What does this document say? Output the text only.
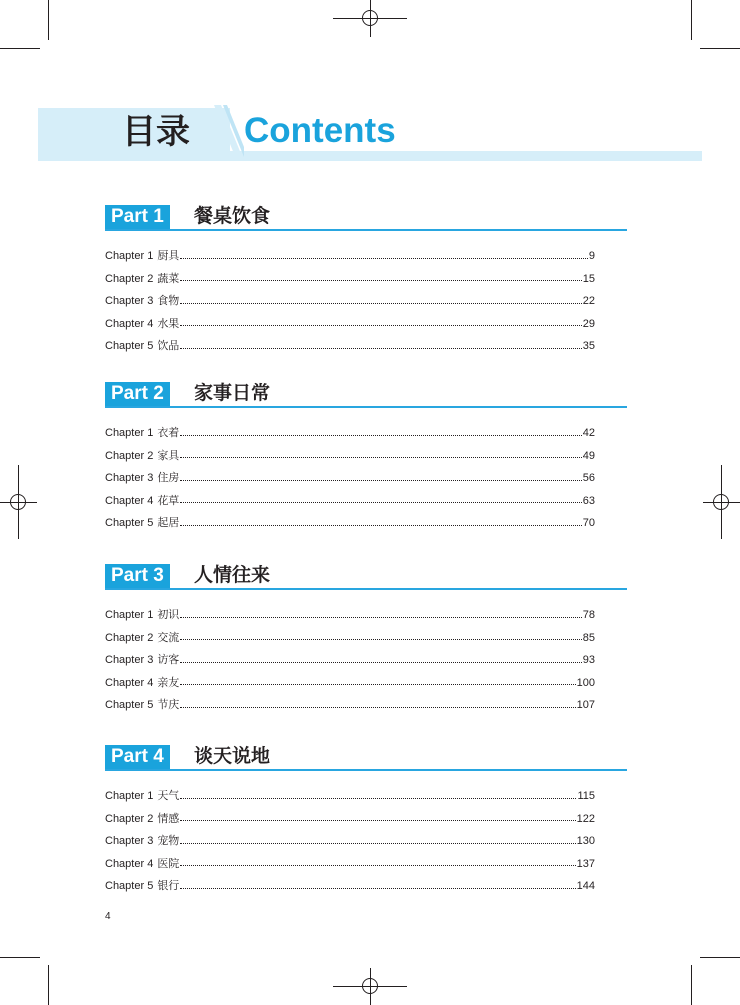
目录 Contents
Part 1	餐桌饮食
Chapter 1 厨具	9
Chapter 2 蔬菜	15
Chapter 3 食物	22
Chapter 4 水果	29
Chapter 5 饮品	35
Part 2	家事日常
Chapter 1 衣着	42
Chapter 2 家具	49
Chapter 3 住房	56
Chapter 4 花草	63
Chapter 5 起居	70
Part 3	人情往来
Chapter 1 初识	78
Chapter 2 交流	85
Chapter 3 访客	93
Chapter 4 亲友	100
Chapter 5 节庆	107
Part 4	谈天说地
Chapter 1 天气	115
Chapter 2 情感	122
Chapter 3 宠物	130
Chapter 4 医院	137
Chapter 5 银行	144
4
